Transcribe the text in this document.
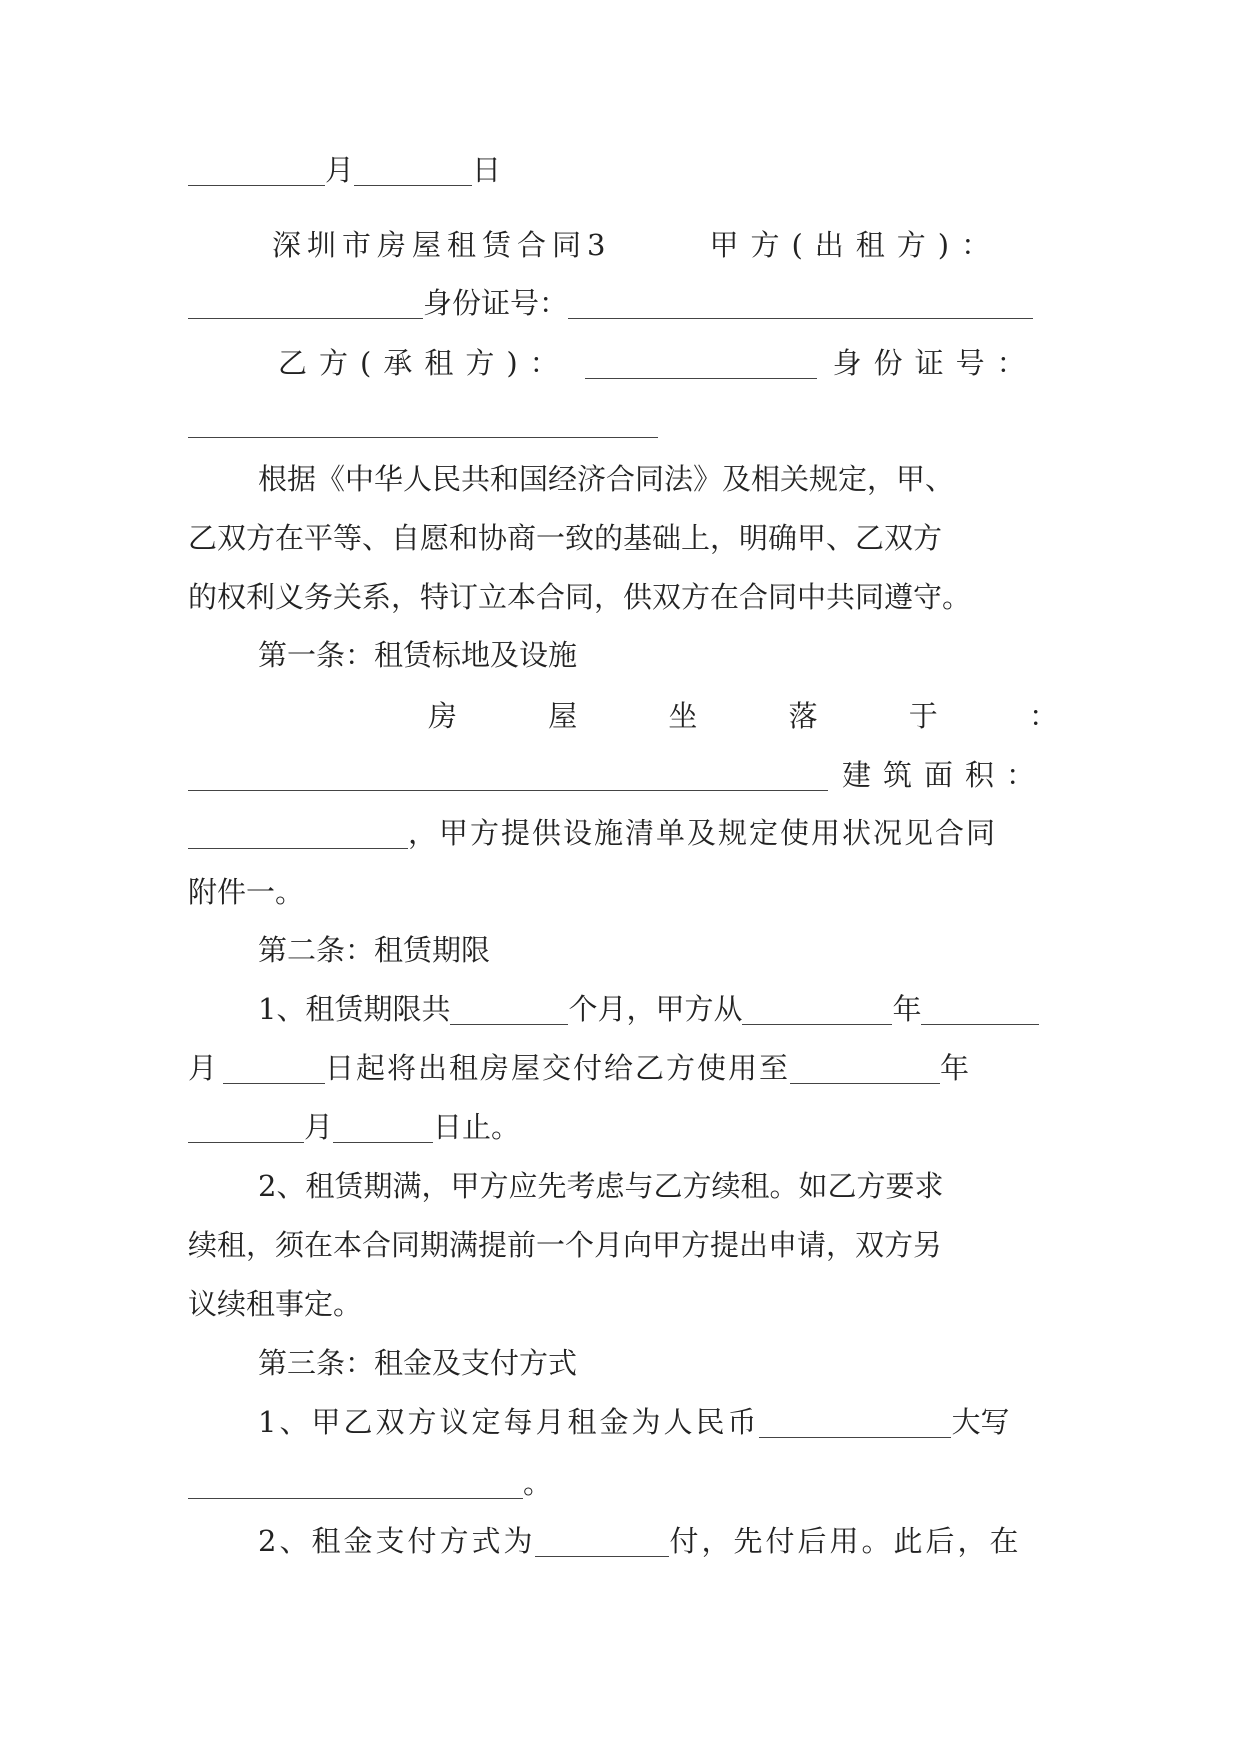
月	日
深圳市房屋租赁合同3	甲方(出租方)：
身份证号：
乙方(承租方)：	身份证号：
根据《中华人民共和国经济合同法》及相关规定，甲、
乙双方在平等、自愿和协商一致的基础上，明确甲、乙双方
的权利义务关系，特订立本合同，供双方在合同中共同遵守。
第一条：租赁标地及设施
房	屋	坐	落	于	：
建筑面积：
，甲方提供设施清单及规定使用状况见合同
附件一。
第二条：租赁期限
1、租赁期限共	个月，甲方从	年
月	日起将出租房屋交付给乙方使用至	年
月	日止。
2、租赁期满，甲方应先考虑与乙方续租。如乙方要求
续租，须在本合同期满提前一个月向甲方提出申请，双方另
议续租事定。
第三条：租金及支付方式
1、甲乙双方议定每月租金为人民币	大写
。
2、租金支付方式为	付，先付后用。此后，在
